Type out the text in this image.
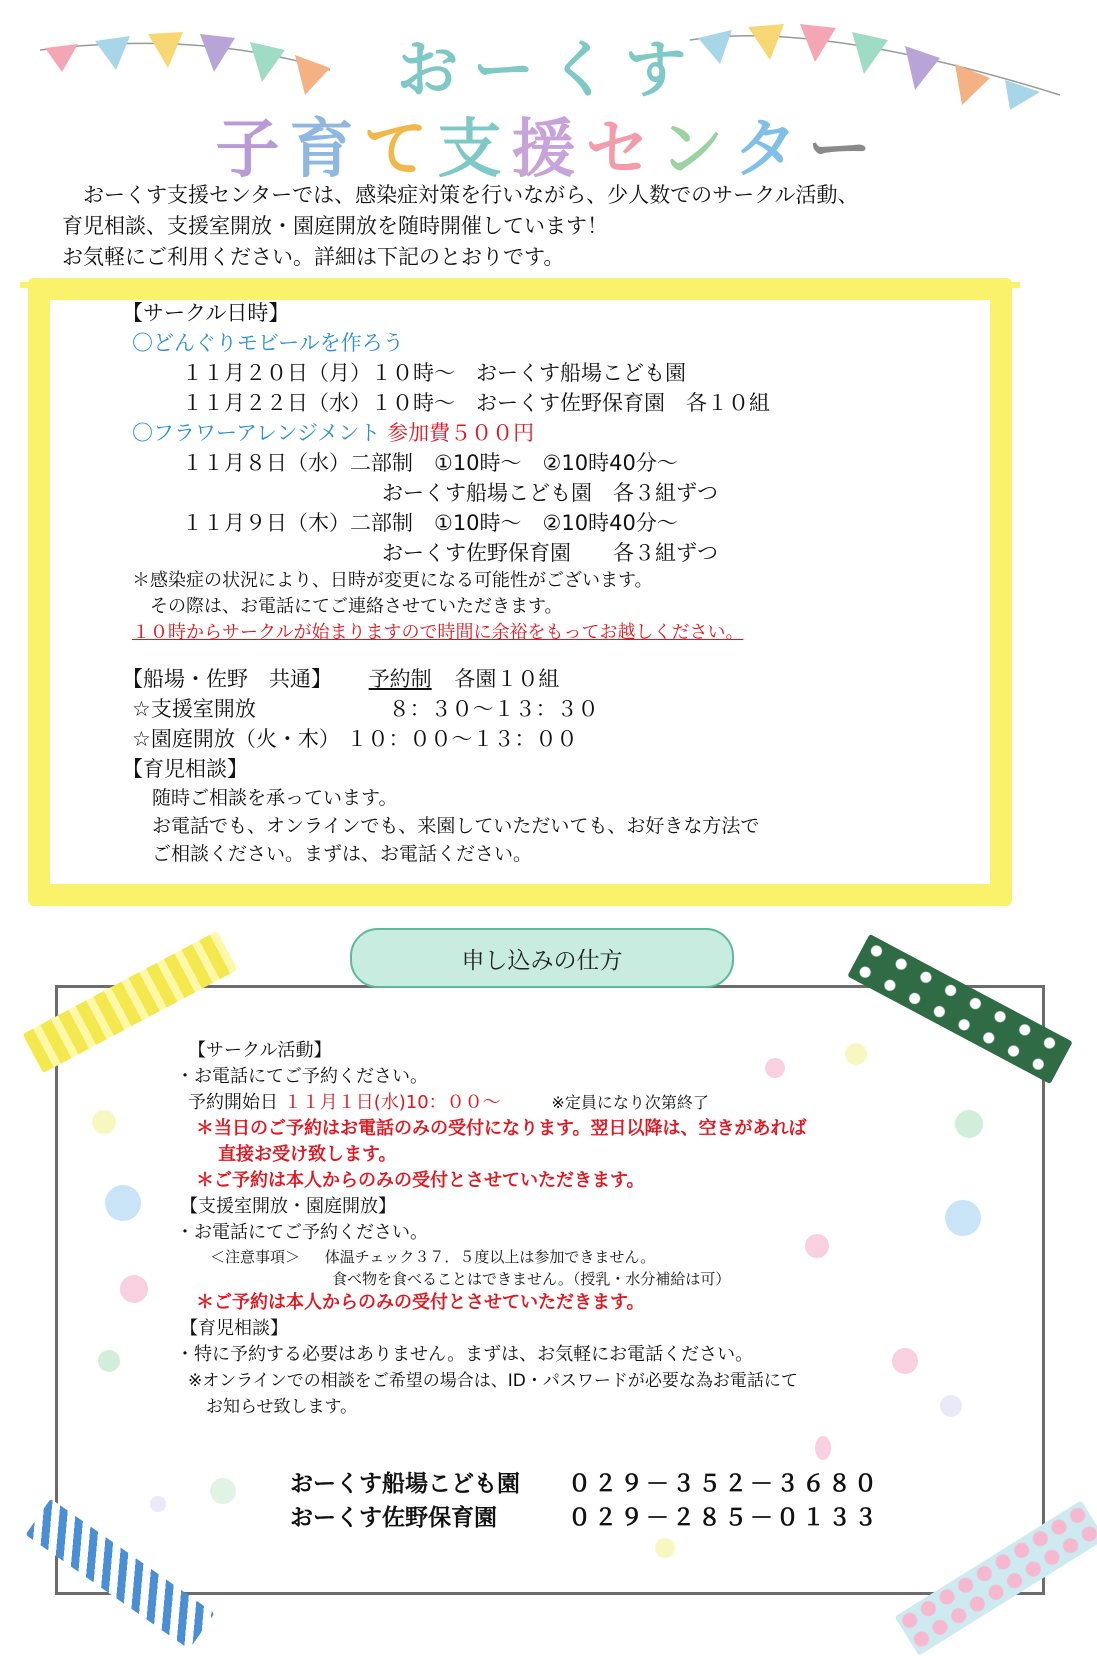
おーくす
子育て支援センター

　おーくす支援センターでは、感染症対策を行いながら、少人数でのサークル活動、

育児相談、支援室開放・園庭開放を随時開催しています！

お気軽にご利用ください。詳細は下記のとおりです。

【サークル日時】
〇どんぐりモビールを作ろう
１１月２０日（月）１０時～　おーくす船場こども園
１１月２２日（水）１０時～　おーくす佐野保育園　各１０組
〇フラワーアレンジメント 参加費５００円
１１月８日（水）二部制　①10時～　②10時40分～
おーくす船場こども園　各３組ずつ
１１月９日（木）二部制　①10時～　②10時40分～
おーくす佐野保育園　　各３組ずつ
＊感染症の状況により、日時が変更になる可能性がございます。
その際は、お電話にてご連絡させていただきます。
１０時からサークルが始まりますので時間に余裕をもってお越しください。
【船場・佐野　共通】 予約制 各園１０組
☆支援室開放	８：３０～１３：３０
☆園庭開放（火・木） １０：００～１３：００
【育児相談】
随時ご相談を承っています。
お電話でも、オンラインでも、来園していただいても、お好きな方法で
ご相談ください。まずは、お電話ください。
申し込みの仕方
【サークル活動】
・お電話にてご予約ください。
予約開始日 １１月１日(水)10：００～	※定員になり次第終了
＊当日のご予約はお電話のみの受付になります。翌日以降は、空きがあれば
直接お受け致します。
＊ご予約は本人からのみの受付とさせていただきます。
【支援室開放・園庭開放】
・お電話にてご予約ください。
＜注意事項＞ 体温チェック３７．５度以上は参加できません。
食べ物を食べることはできません。（授乳・水分補給は可）
＊ご予約は本人からのみの受付とさせていただきます。
【育児相談】
・特に予約する必要はありません。まずは、お気軽にお電話ください。
※オンラインでの相談をご希望の場合は、ID・パスワードが必要な為お電話にて
お知らせ致します。
おーくす船場こども園 ０２９－３５２－３６８０
おーくす佐野保育園	０２９－２８５－０１３３
